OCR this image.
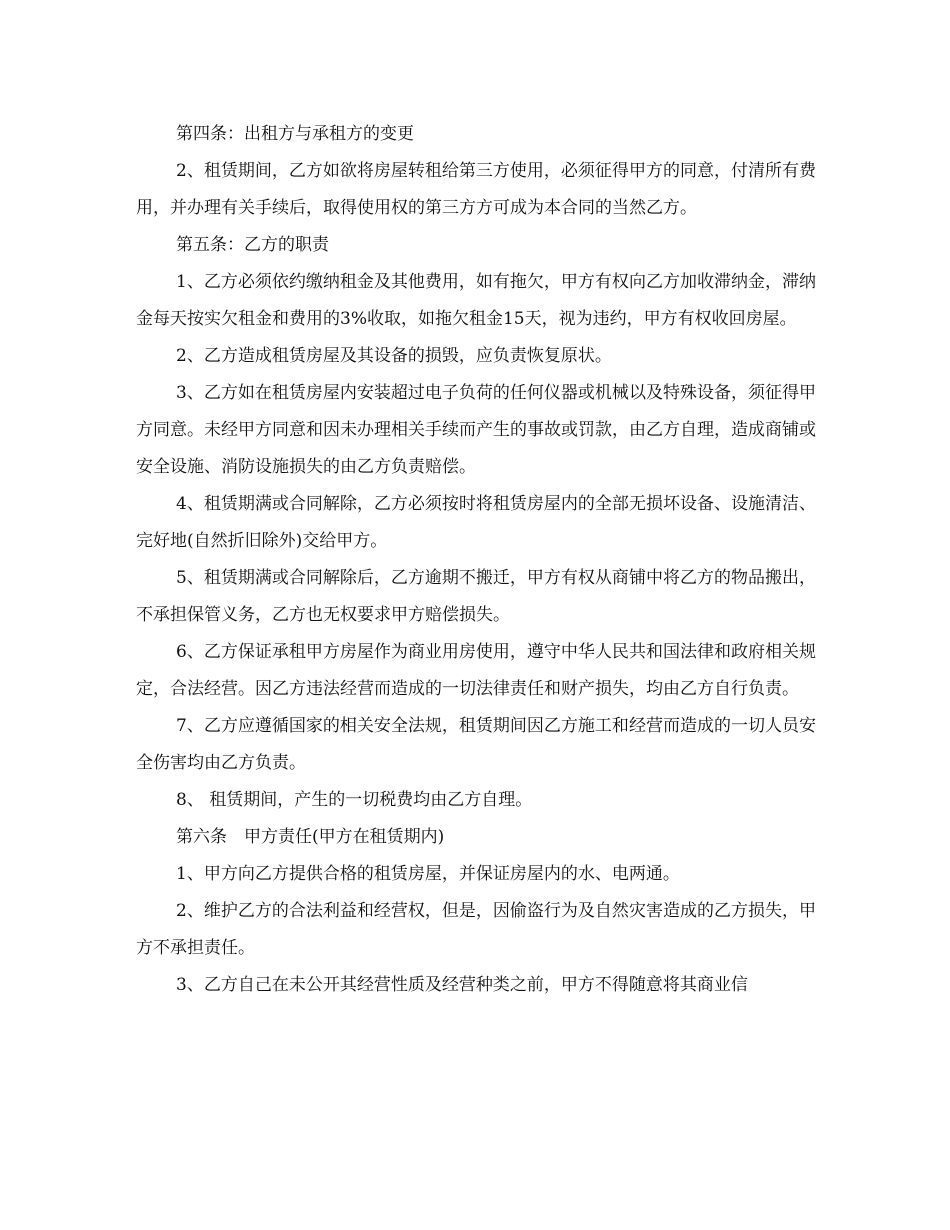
第四条：出租方与承租方的变更

2、租赁期间，乙方如欲将房屋转租给第三方使用，必须征得甲方的同意，付清所有费用，并办理有关手续后，取得使用权的第三方方可成为本合同的当然乙方。

第五条：乙方的职责

1、乙方必须依约缴纳租金及其他费用，如有拖欠，甲方有权向乙方加收滞纳金，滞纳金每天按实欠租金和费用的3%收取，如拖欠租金15天，视为违约，甲方有权收回房屋。

2、乙方造成租赁房屋及其设备的损毁，应负责恢复原状。

3、乙方如在租赁房屋内安装超过电子负荷的任何仪器或机械以及特殊设备，须征得甲方同意。未经甲方同意和因未办理相关手续而产生的事故或罚款，由乙方自理，造成商铺或安全设施、消防设施损失的由乙方负责赔偿。

4、租赁期满或合同解除，乙方必须按时将租赁房屋内的全部无损坏设备、设施清洁、完好地(自然折旧除外)交给甲方。

5、租赁期满或合同解除后，乙方逾期不搬迁，甲方有权从商铺中将乙方的物品搬出，不承担保管义务，乙方也无权要求甲方赔偿损失。

6、乙方保证承租甲方房屋作为商业用房使用，遵守中华人民共和国法律和政府相关规定，合法经营。因乙方违法经营而造成的一切法律责任和财产损失，均由乙方自行负责。

7、乙方应遵循国家的相关安全法规，租赁期间因乙方施工和经营而造成的一切人员安全伤害均由乙方负责。

8、 租赁期间，产生的一切税费均由乙方自理。

第六条　甲方责任(甲方在租赁期内)

1、甲方向乙方提供合格的租赁房屋，并保证房屋内的水、电两通。

2、维护乙方的合法利益和经营权，但是，因偷盗行为及自然灾害造成的乙方损失，甲方不承担责任。

3、乙方自己在未公开其经营性质及经营种类之前，甲方不得随意将其商业信
